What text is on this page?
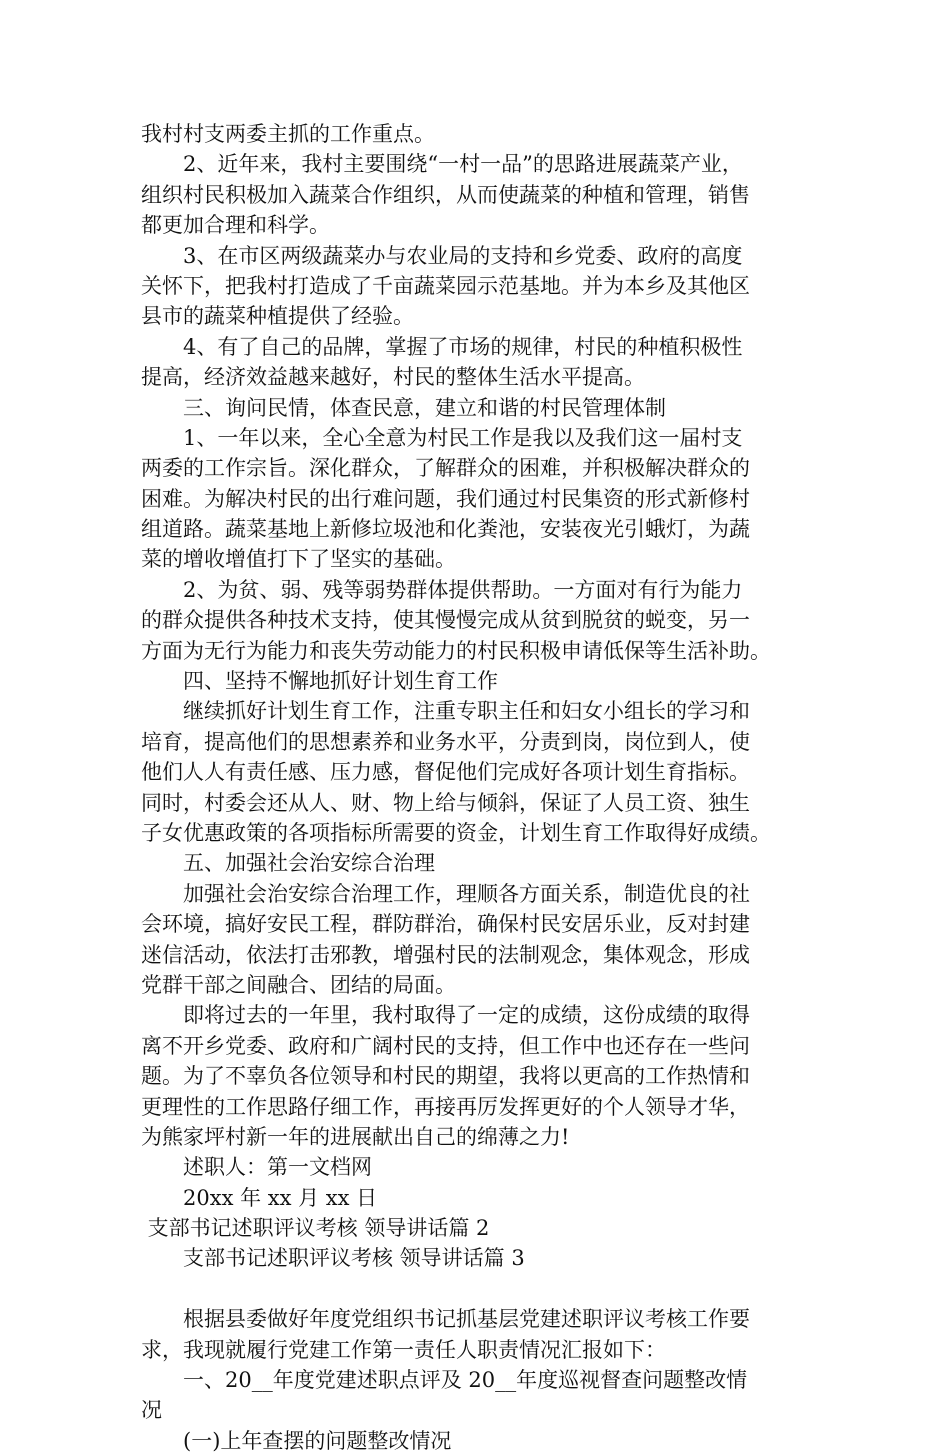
我村村支两委主抓的工作重点。
　　2、近年来，我村主要围绕“一村一品”的思路进展蔬菜产业，
组织村民积极加入蔬菜合作组织，从而使蔬菜的种植和管理，销售
都更加合理和科学。
　　3、在市区两级蔬菜办与农业局的支持和乡党委、政府的高度
关怀下，把我村打造成了千亩蔬菜园示范基地。并为本乡及其他区
县市的蔬菜种植提供了经验。
　　4、有了自己的品牌，掌握了市场的规律，村民的种植积极性
提高，经济效益越来越好，村民的整体生活水平提高。
　　三、询问民情，体查民意，建立和谐的村民管理体制
　　1、一年以来，全心全意为村民工作是我以及我们这一届村支
两委的工作宗旨。深化群众，了解群众的困难，并积极解决群众的
困难。为解决村民的出行难问题，我们通过村民集资的形式新修村
组道路。蔬菜基地上新修垃圾池和化粪池，安装夜光引蛾灯，为蔬
菜的增收增值打下了坚实的基础。
　　2、为贫、弱、残等弱势群体提供帮助。一方面对有行为能力
的群众提供各种技术支持，使其慢慢完成从贫到脱贫的蜕变，另一
方面为无行为能力和丧失劳动能力的村民积极申请低保等生活补助。
　　四、坚持不懈地抓好计划生育工作
　　继续抓好计划生育工作，注重专职主任和妇女小组长的学习和
培育，提高他们的思想素养和业务水平，分责到岗，岗位到人，使
他们人人有责任感、压力感，督促他们完成好各项计划生育指标。
同时，村委会还从人、财、物上给与倾斜，保证了人员工资、独生
子女优惠政策的各项指标所需要的资金，计划生育工作取得好成绩。
　　五、加强社会治安综合治理
　　加强社会治安综合治理工作，理顺各方面关系，制造优良的社
会环境，搞好安民工程，群防群治，确保村民安居乐业，反对封建
迷信活动，依法打击邪教，增强村民的法制观念，集体观念，形成
党群干部之间融合、团结的局面。
　　即将过去的一年里，我村取得了一定的成绩，这份成绩的取得
离不开乡党委、政府和广阔村民的支持，但工作中也还存在一些问
题。为了不辜负各位领导和村民的期望，我将以更高的工作热情和
更理性的工作思路仔细工作，再接再厉发挥更好的个人领导才华，
为熊家坪村新一年的进展献出自己的绵薄之力!
　　述职人：第一文档网
　　20xx 年 xx 月 xx 日
支部书记述职评议考核 领导讲话篇 2
　　支部书记述职评议考核 领导讲话篇 3
　　根据县委做好年度党组织书记抓基层党建述职评议考核工作要
求，我现就履行党建工作第一责任人职责情况汇报如下：
　　一、20__年度党建述职点评及 20__年度巡视督查问题整改情
况
　　(一)上年查摆的问题整改情况
